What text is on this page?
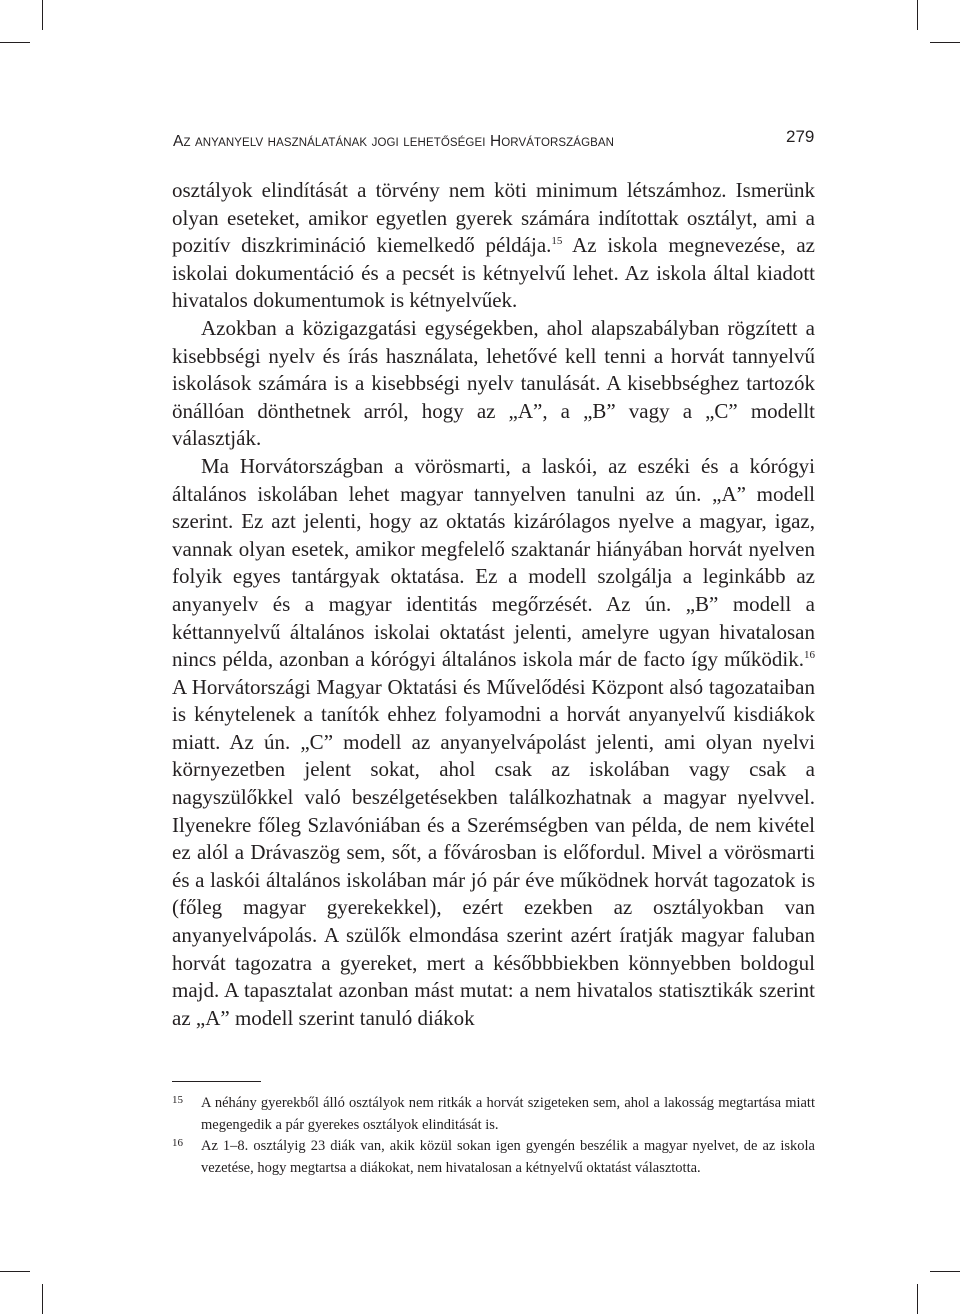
AZ ANYANYELV HASZNÁLATÁNAK JOGI LEHETŐSÉGEI HORVÁTORSZÁGBAN	279

osztályok elindítását a törvény nem köti minimum létszámhoz. Ismerünk olyan eseteket, amikor egyetlen gyerek számára indítottak osztályt, ami a pozitív diszkrimináció kiemelkedő példája.$^{15}$ Az iskola megnevezése, az iskolai dokumentáció és a pecsét is kétnyelvű lehet. Az iskola által kiadott hivatalos dokumentumok is kétnyelvűek.

Azokban a közigazgatási egységekben, ahol alapszabályban rögzített a kisebbségi nyelv és írás használata, lehetővé kell tenni a horvát tannyelvű iskolások számára is a kisebbségi nyelv tanulását. A kisebbséghez tartozók önállóan dönthetnek arról, hogy az „A”, a „B” vagy a „C” modellt választják.

Ma Horvátországban a vörösmarti, a laskói, az eszéki és a kórógyi általános iskolában lehet magyar tannyelven tanulni az ún. „A” modell szerint. Ez azt jelenti, hogy az oktatás kizárólagos nyelve a magyar, igaz, vannak olyan esetek, amikor megfelelő szaktanár hiányában horvát nyelven folyik egyes tantárgyak oktatása. Ez a modell szolgálja a leginkább az anyanyelv és a magyar identitás megőrzését. Az ún. „B” modell a kéttannyelvű általános iskolai oktatást jelenti, amelyre ugyan hivatalosan nincs példa, azonban a kórógyi általános iskola már de facto így működik.$^{16}$ A Horvátországi Magyar Oktatási és Művelődési Központ alsó tagozataiban is kénytelenek a tanítók ehhez folyamodni a horvát anyanyelvű kisdiákok miatt. Az ún. „C” modell az anyanyelvápolást jelenti, ami olyan nyelvi környezetben jelent sokat, ahol csak az iskolában vagy csak a nagyszülőkkel való beszélgetésekben találkozhatnak a magyar nyelvvel. Ilyenekre főleg Szlavóniában és a Szerémségben van példa, de nem kivétel ez alól a Drávaszög sem, sőt, a fővárosban is előfordul. Mivel a vörösmarti és a laskói általános iskolában már jó pár éve működnek horvát tagozatok is (főleg magyar gyerekekkel), ezért ezekben az osztályokban van anyanyelvápolás. A szülők elmondása szerint azért íratják magyar faluban horvát tagozatra a gyereket, mert a későbbbiekben könnyebben boldogul majd. A tapasztalat azonban mást mutat: a nem hivatalos statisztikák szerint az „A” modell szerint tanuló diákok

15 A néhány gyerekből álló osztályok nem ritkák a horvát szigeteken sem, ahol a lakosság megtartása miatt megengedik a pár gyerekes osztályok elinditását is.
16 Az 1–8. osztályig 23 diák van, akik közül sokan igen gyengén beszélik a magyar nyelvet, de az iskola vezetése, hogy megtartsa a diákokat, nem hivatalosan a kétnyelvű oktatást választotta.
